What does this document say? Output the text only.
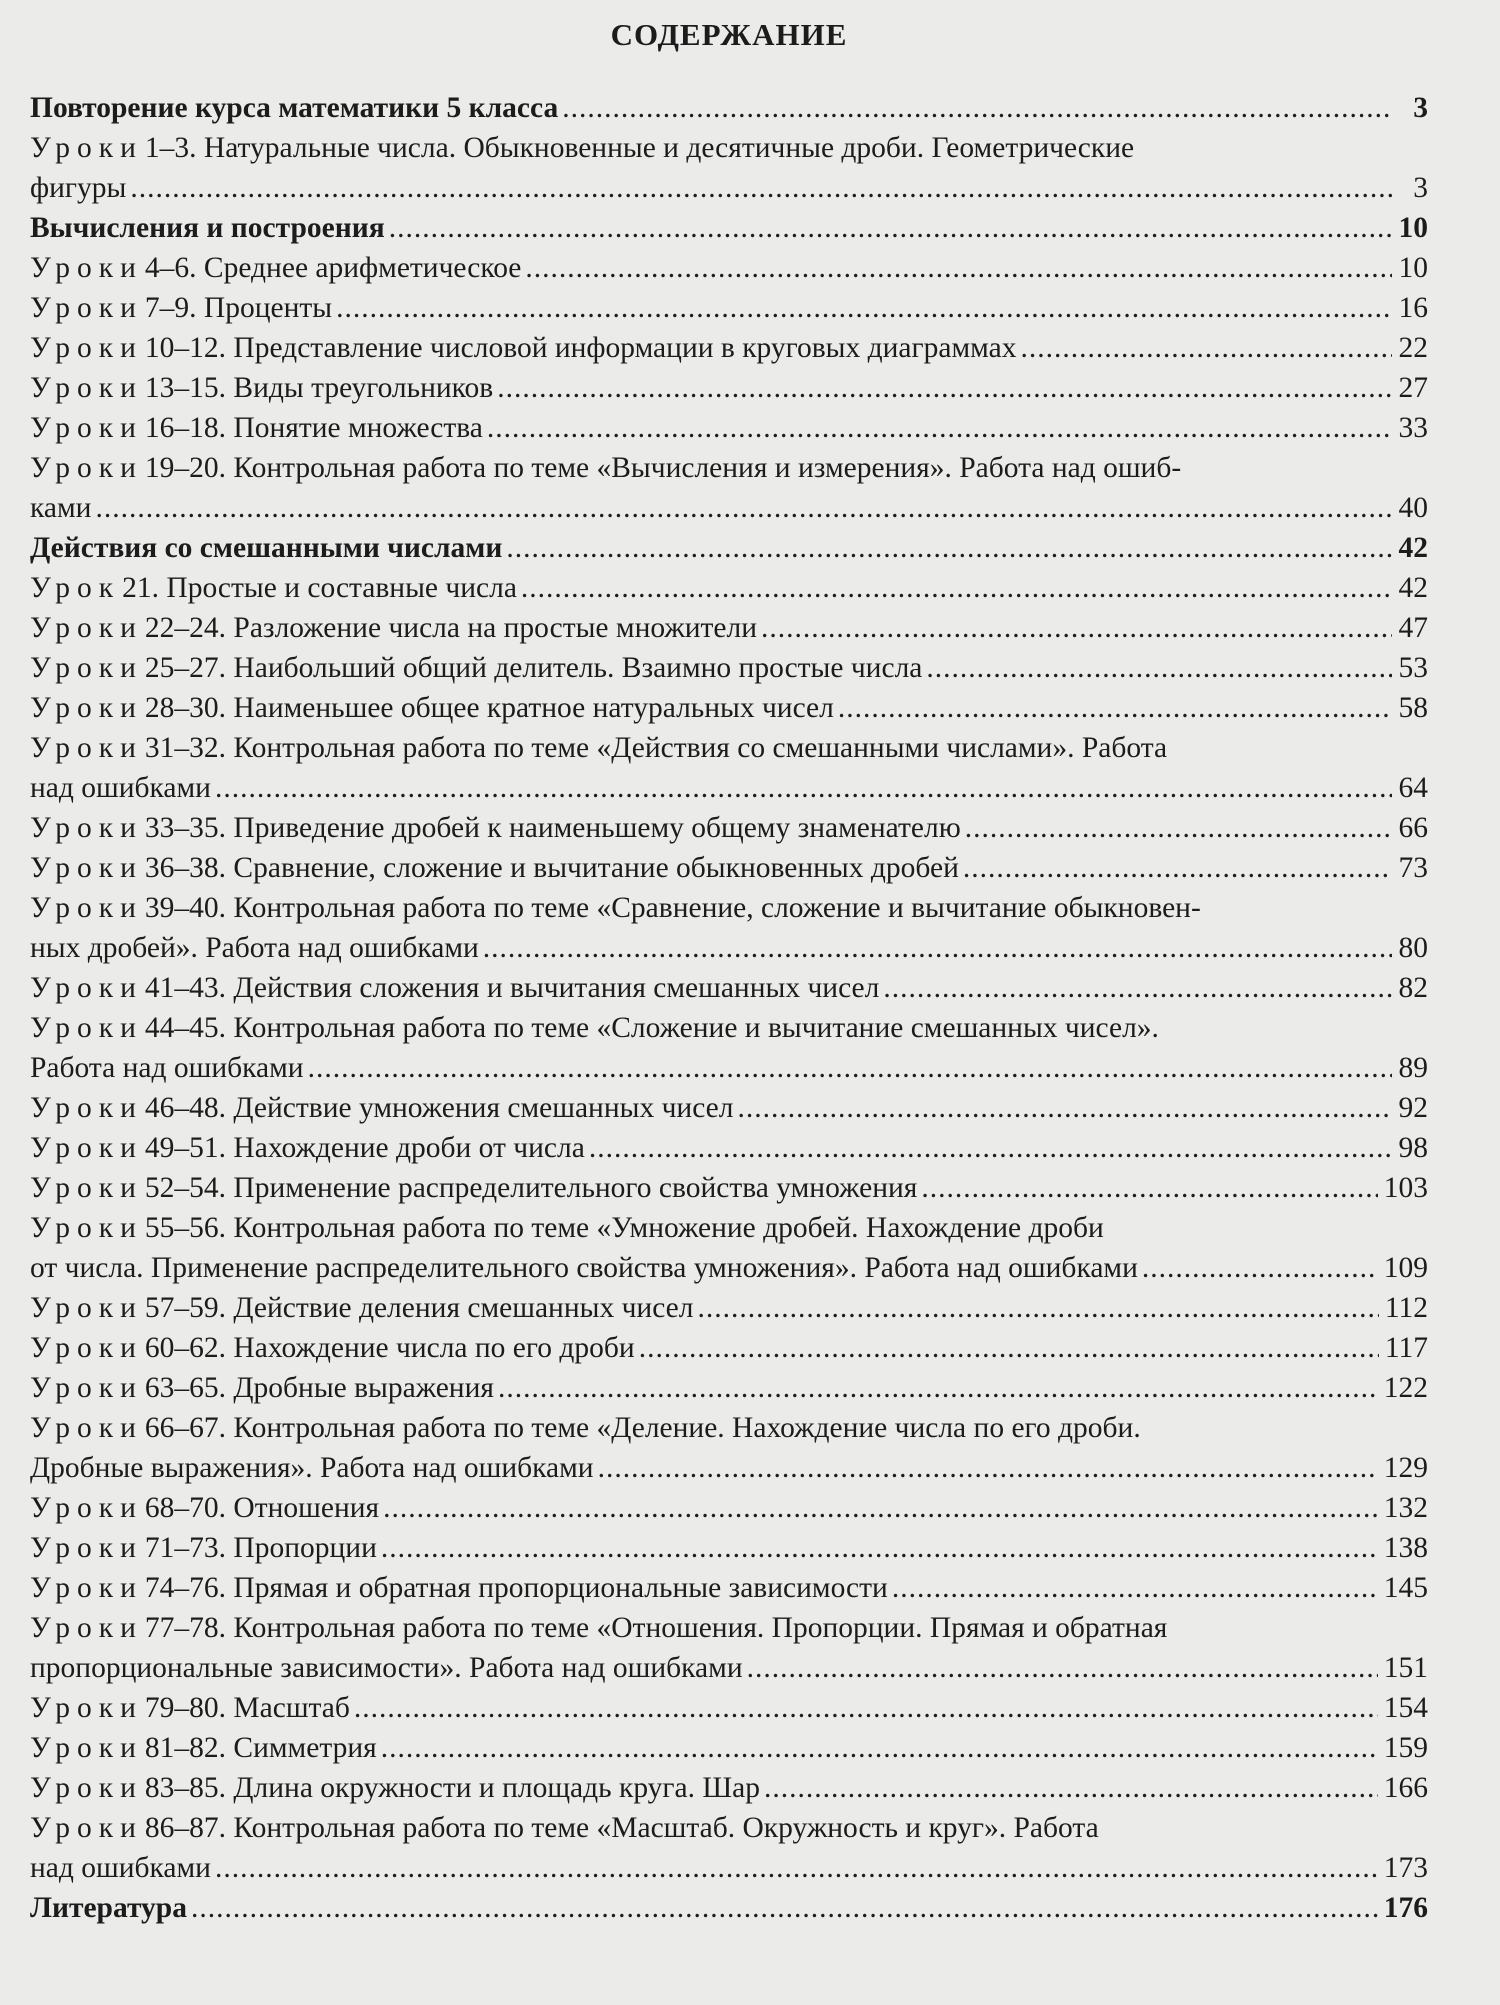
СОДЕРЖАНИЕ
Повторение курса математики 5 класса .....	3
Уроки1–3. Натуральные числа. Обыкновенные и десятичные дроби. Геометрические
фигуры .....	3
Вычисления и построения .....	10
Уроки4–6. Среднее арифметическое .....	10
Уроки7–9. Проценты .....	16
Уроки10–12. Представление числовой информации в круговых диаграммах .....	22
Уроки13–15. Виды треугольников .....	27
Уроки16–18. Понятие множества .....	33
Уроки19–20. Контрольная работа по теме «Вычисления и измерения». Работа над ошиб-
ками .....	40
Действия со смешанными числами .....	42
Урок21. Простые и составные числа .....	42
Уроки22–24. Разложение числа на простые множители .....	47
Уроки25–27. Наибольший общий делитель. Взаимно простые числа .....	53
Уроки28–30. Наименьшее общее кратное натуральных чисел .....	58
Уроки31–32. Контрольная работа по теме «Действия со смешанными числами». Работа
над ошибками .....	64
Уроки33–35. Приведение дробей к наименьшему общему знаменателю .....	66
Уроки36–38. Сравнение, сложение и вычитание обыкновенных дробей .....	73
Уроки39–40. Контрольная работа по теме «Сравнение, сложение и вычитание обыкновен-
ных дробей». Работа над ошибками .....	80
Уроки41–43. Действия сложения и вычитания смешанных чисел .....	82
Уроки44–45. Контрольная работа по теме «Сложение и вычитание смешанных чисел».
Работа над ошибками .....	89
Уроки46–48. Действие умножения смешанных чисел .....	92
Уроки49–51. Нахождение дроби от числа .....	98
Уроки52–54. Применение распределительного свойства умножения .....	103
Уроки55–56. Контрольная работа по теме «Умножение дробей. Нахождение дроби
от числа. Применение распределительного свойства умножения». Работа над ошибками .....	109
Уроки57–59. Действие деления смешанных чисел .....	112
Уроки60–62. Нахождение числа по его дроби .....	117
Уроки63–65. Дробные выражения .....	122
Уроки66–67. Контрольная работа по теме «Деление. Нахождение числа по его дроби.
Дробные выражения». Работа над ошибками .....	129
Уроки68–70. Отношения .....	132
Уроки71–73. Пропорции .....	138
Уроки74–76. Прямая и обратная пропорциональные зависимости .....	145
Уроки77–78. Контрольная работа по теме «Отношения. Пропорции. Прямая и обратная
пропорциональные зависимости». Работа над ошибками .....	151
Уроки79–80. Масштаб .....	154
Уроки81–82. Симметрия .....	159
Уроки83–85. Длина окружности и площадь круга. Шар .....	166
Уроки86–87. Контрольная работа по теме «Масштаб. Окружность и круг». Работа
над ошибками .....	173
Литература .....	176
